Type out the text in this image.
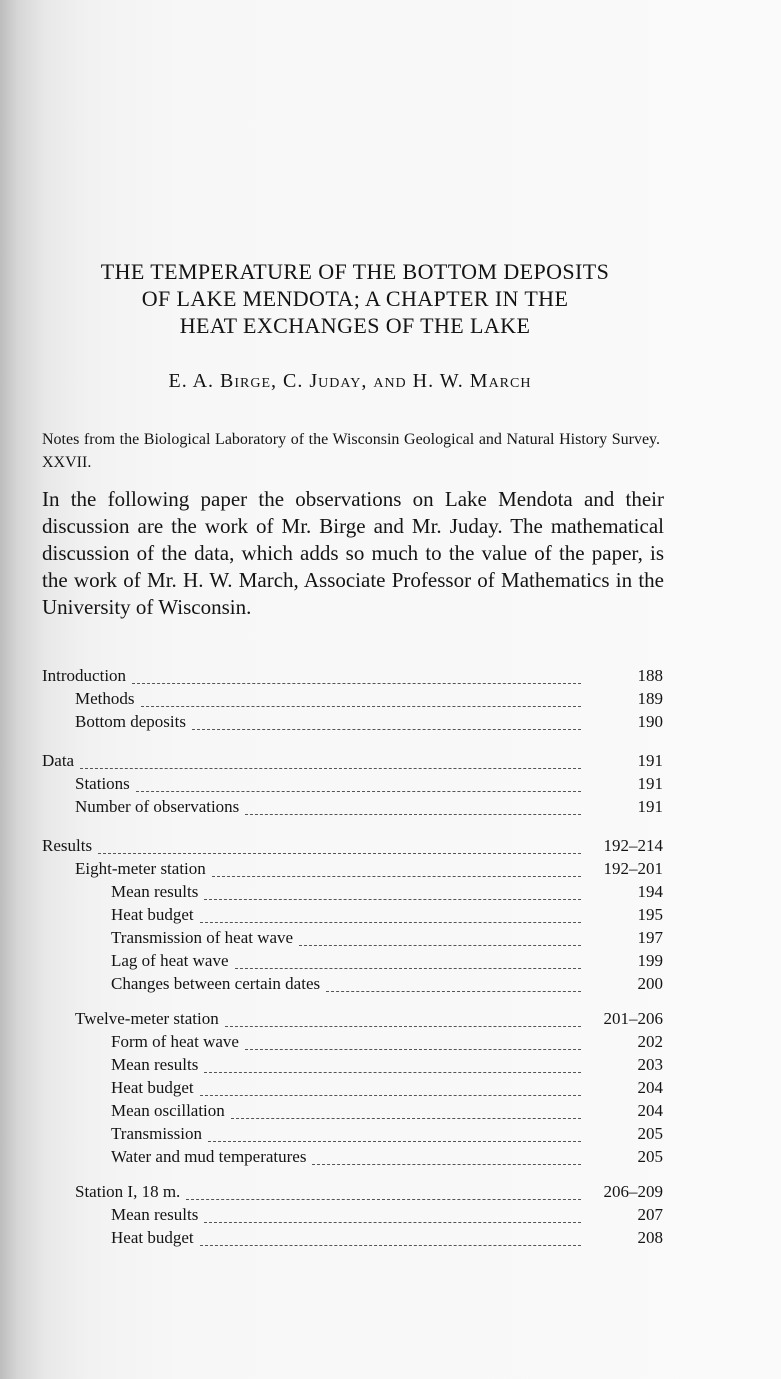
THE TEMPERATURE OF THE BOTTOM DEPOSITS
OF LAKE MENDOTA; A CHAPTER IN THE
HEAT EXCHANGES OF THE LAKE
E. A. Birge, C. Juday, and H. W. March
Notes from the Biological Laboratory of the Wisconsin Geological and Natural History Survey. XXVII.
In the following paper the observations on Lake Mendota and their discussion are the work of Mr. Birge and Mr. Juday. The mathematical discussion of the data, which adds so much to the value of the paper, is the work of Mr. H. W. March, Associate Professor of Mathematics in the University of Wisconsin.
Introduction	188
Methods	189
Bottom deposits	190
Data	191
Stations	191
Number of observations	191
Results	192–214
Eight-meter station	192–201
Mean results	194
Heat budget	195
Transmission of heat wave	197
Lag of heat wave	199
Changes between certain dates	200
Twelve-meter station	201–206
Form of heat wave	202
Mean results	203
Heat budget	204
Mean oscillation	204
Transmission	205
Water and mud temperatures	205
Station I, 18 m.	206–209
Mean results	207
Heat budget	208
